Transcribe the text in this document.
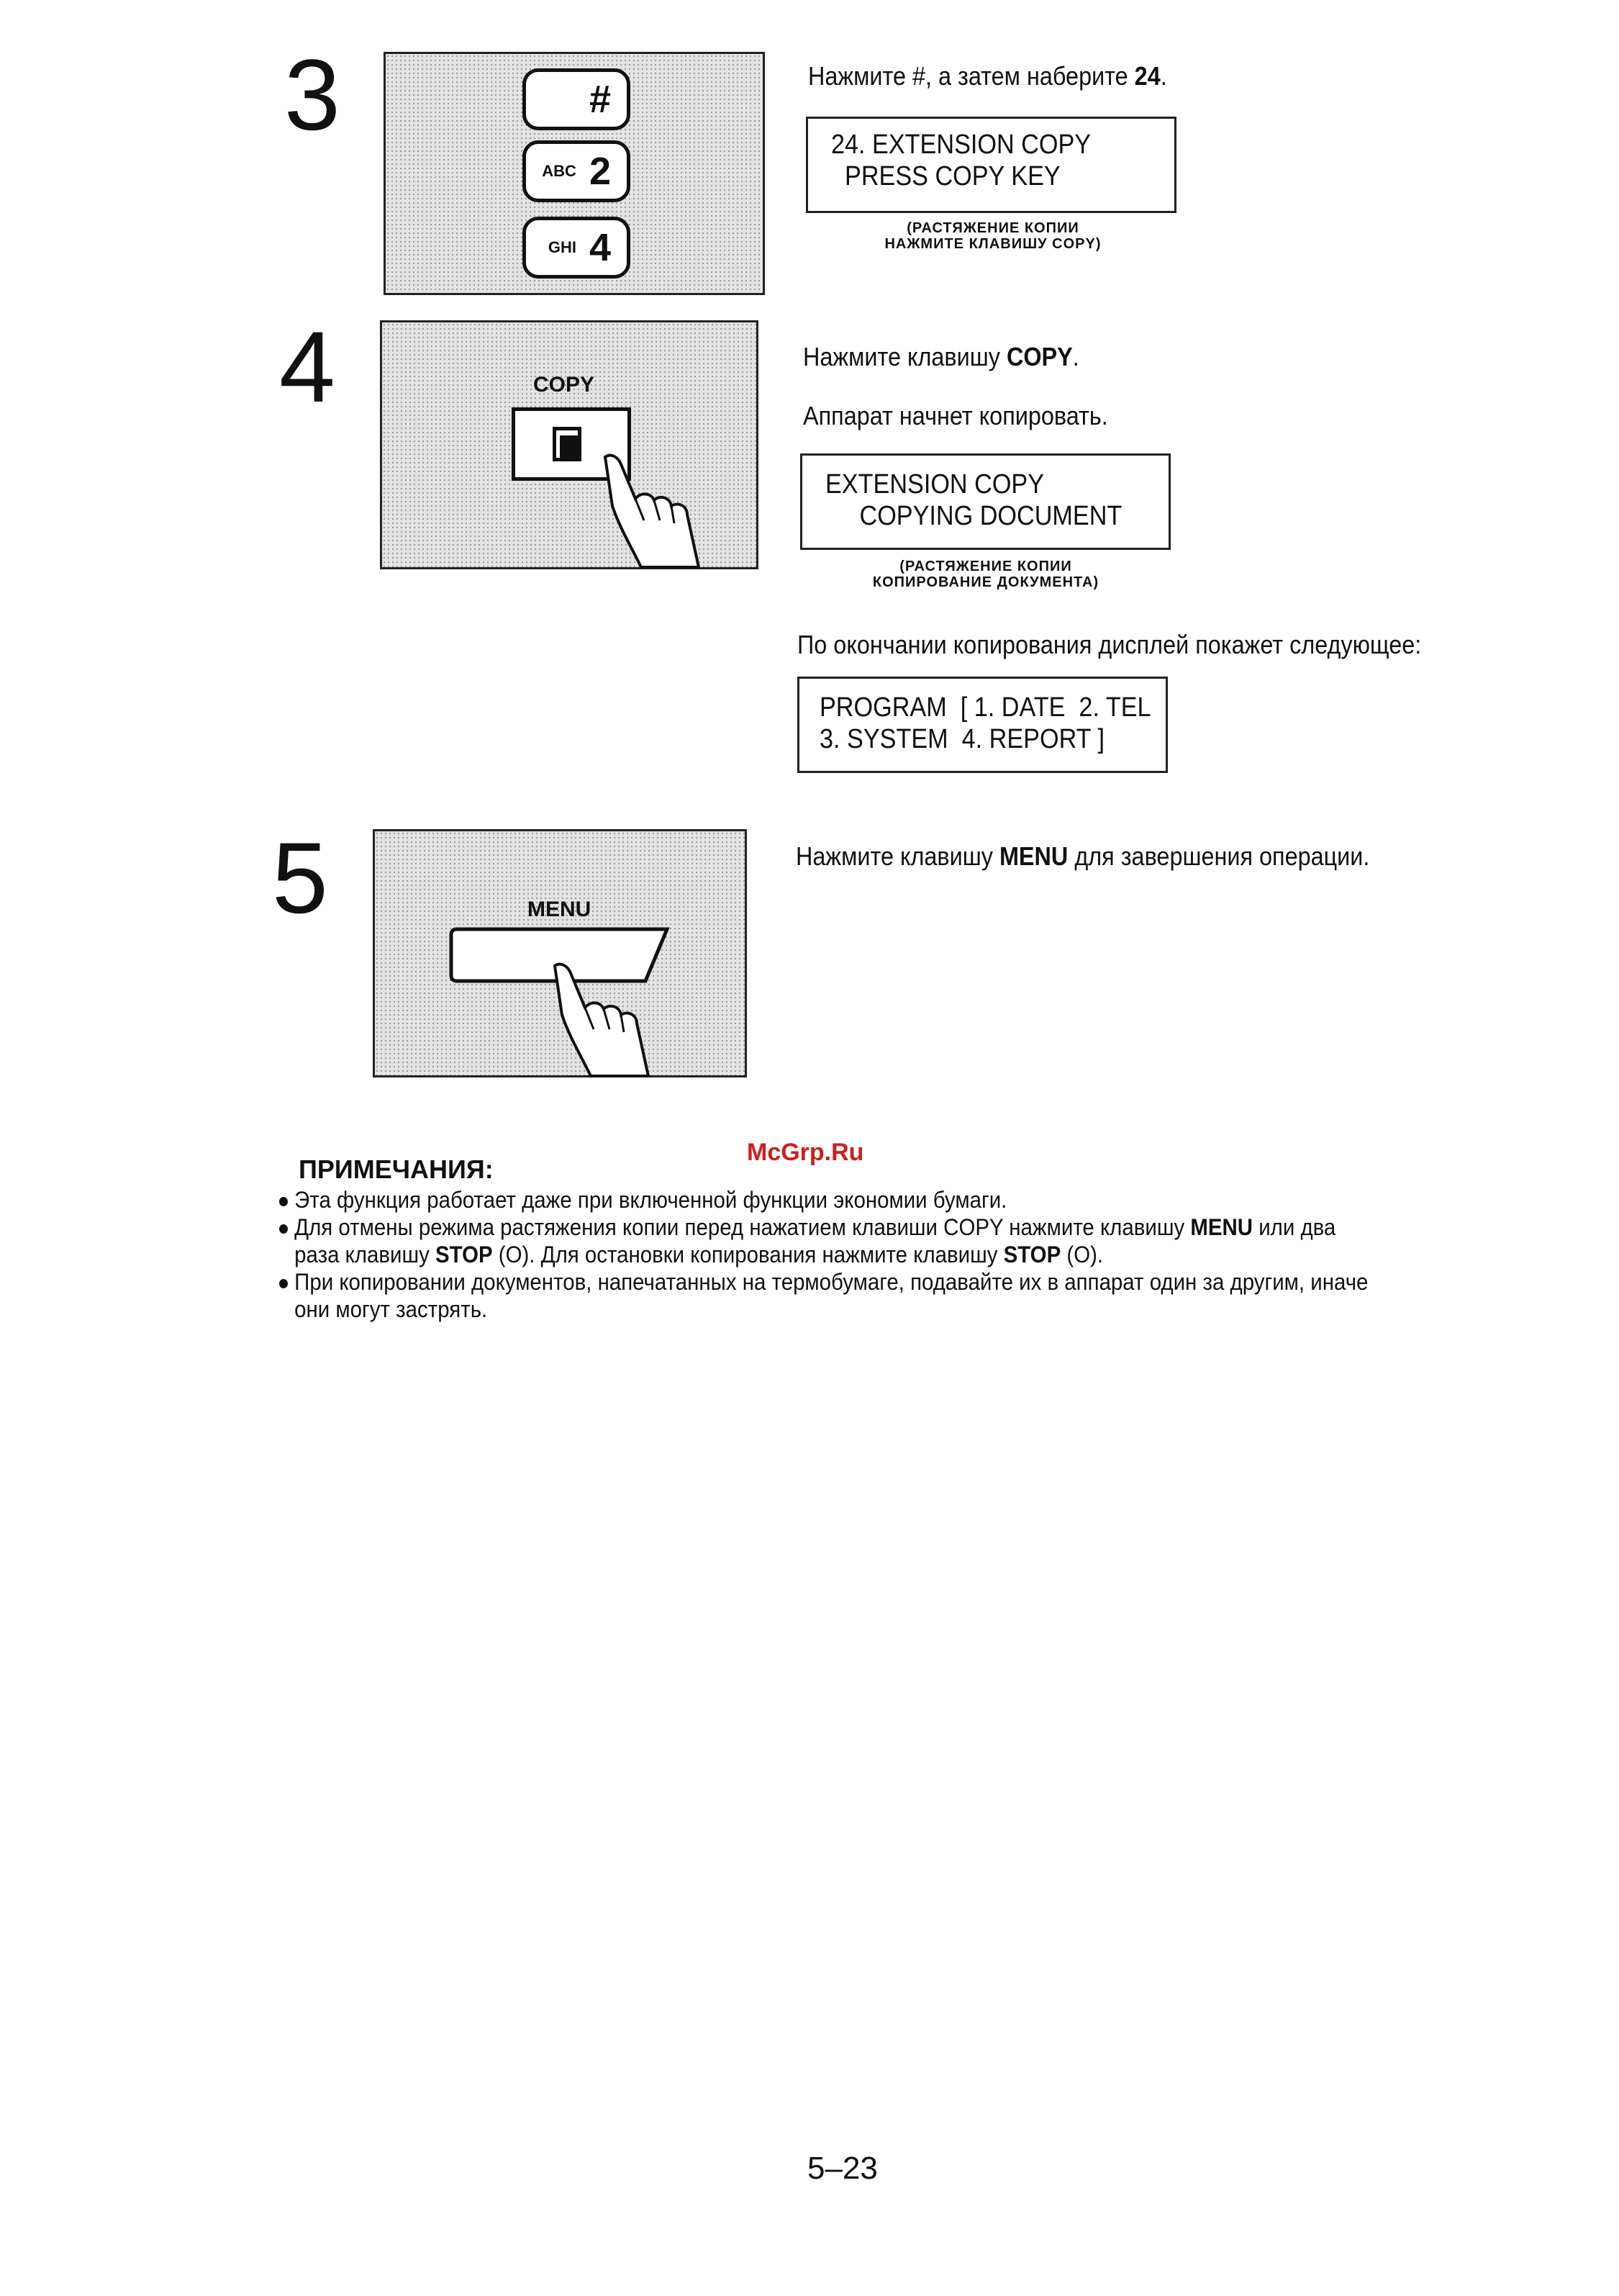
3	#
ABC 2
GHI 4
Нажмите #, а затем наберите 24.
24. EXTENSION COPY
PRESS COPY KEY
(РАСТЯЖЕНИЕ КОПИИ
НАЖМИТЕ КЛАВИШУ COPY)
4	COPY
Нажмите клавишу COPY.
Аппарат начнет копировать.
EXTENSION COPY
COPYING DOCUMENT
(РАСТЯЖЕНИЕ КОПИИ
КОПИРОВАНИЕ ДОКУМЕНТА)
По окончании копирования дисплей покажет следующее:
PROGRAM  [ 1. DATE  2. TEL
3. SYSTEM  4. REPORT ]
5	MENU
Нажмите клавишу MENU для завершения операции.
McGrp.Ru
ПРИМЕЧАНИЯ:
Эта функция работает даже при включенной функции экономии бумаги.
Для отмены режима растяжения копии перед нажатием клавиши COPY нажмите клавишу MENU или два
раза клавишу STOP (O). Для остановки копирования нажмите клавишу STOP (O).
При копировании документов, напечатанных на термобумаге, подавайте их в аппарат один за другим, иначе
они могут застрять.
5–23
